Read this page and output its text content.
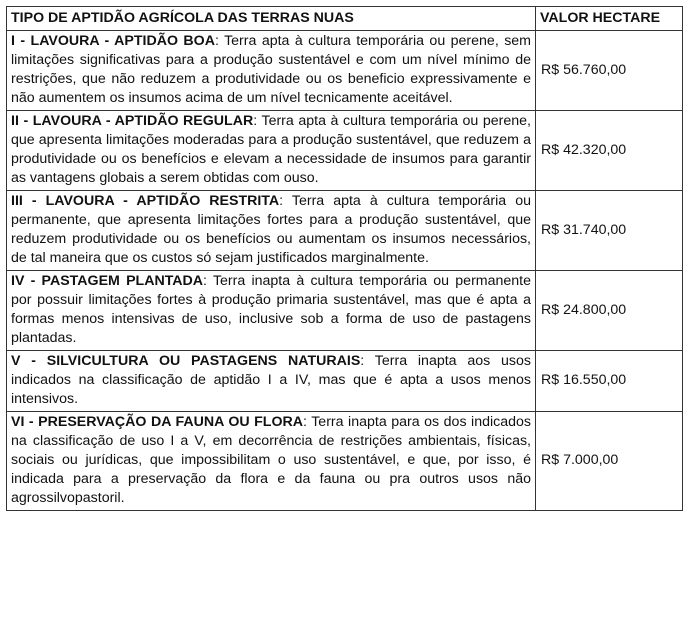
TIPO DE APTIDÃO AGRÍCOLA DAS TERRAS NUAS	VALOR HECTARE
I - LAVOURA - APTIDÃO BOA: Terra apta à cultura temporária ou perene, sem limitações significativas para a produção sustentável e com um nível mínimo de restrições, que não reduzem a produtividade ou os beneficio expressivamente e não aumentem os insumos acima de um nível tecnicamente aceitável.	R$ 56.760,00
II - LAVOURA - APTIDÃO REGULAR: Terra apta à cultura temporária ou perene, que apresenta limitações moderadas para a produção sustentável, que reduzem a produtividade ou os benefícios e elevam a necessidade de insumos para garantir as vantagens globais a serem obtidas com ouso.	R$ 42.320,00
III - LAVOURA - APTIDÃO RESTRITA: Terra apta à cultura temporária ou permanente, que apresenta limitações fortes para a produção sustentável, que reduzem produtividade ou os benefícios ou aumentam os insumos necessários, de tal maneira que os custos só sejam justificados marginalmente.	R$ 31.740,00
IV - PASTAGEM PLANTADA: Terra inapta à cultura temporária ou permanente por possuir limitações fortes à produção primaria sustentável, mas que é apta a formas menos intensivas de uso, inclusive sob a forma de uso de pastagens plantadas.	R$ 24.800,00
V - SILVICULTURA OU PASTAGENS NATURAIS: Terra inapta aos usos indicados na classificação de aptidão I a IV, mas que é apta a usos menos intensivos.	R$ 16.550,00
VI - PRESERVAÇÃO DA FAUNA OU FLORA: Terra inapta para os dos indicados na classificação de uso I a V, em decorrência de restrições ambientais, físicas, sociais ou jurídicas, que impossibilitam o uso sustentável, e que, por isso, é indicada para a preservação da flora e da fauna ou pra outros usos não agrossilvopastoril.	R$ 7.000,00
